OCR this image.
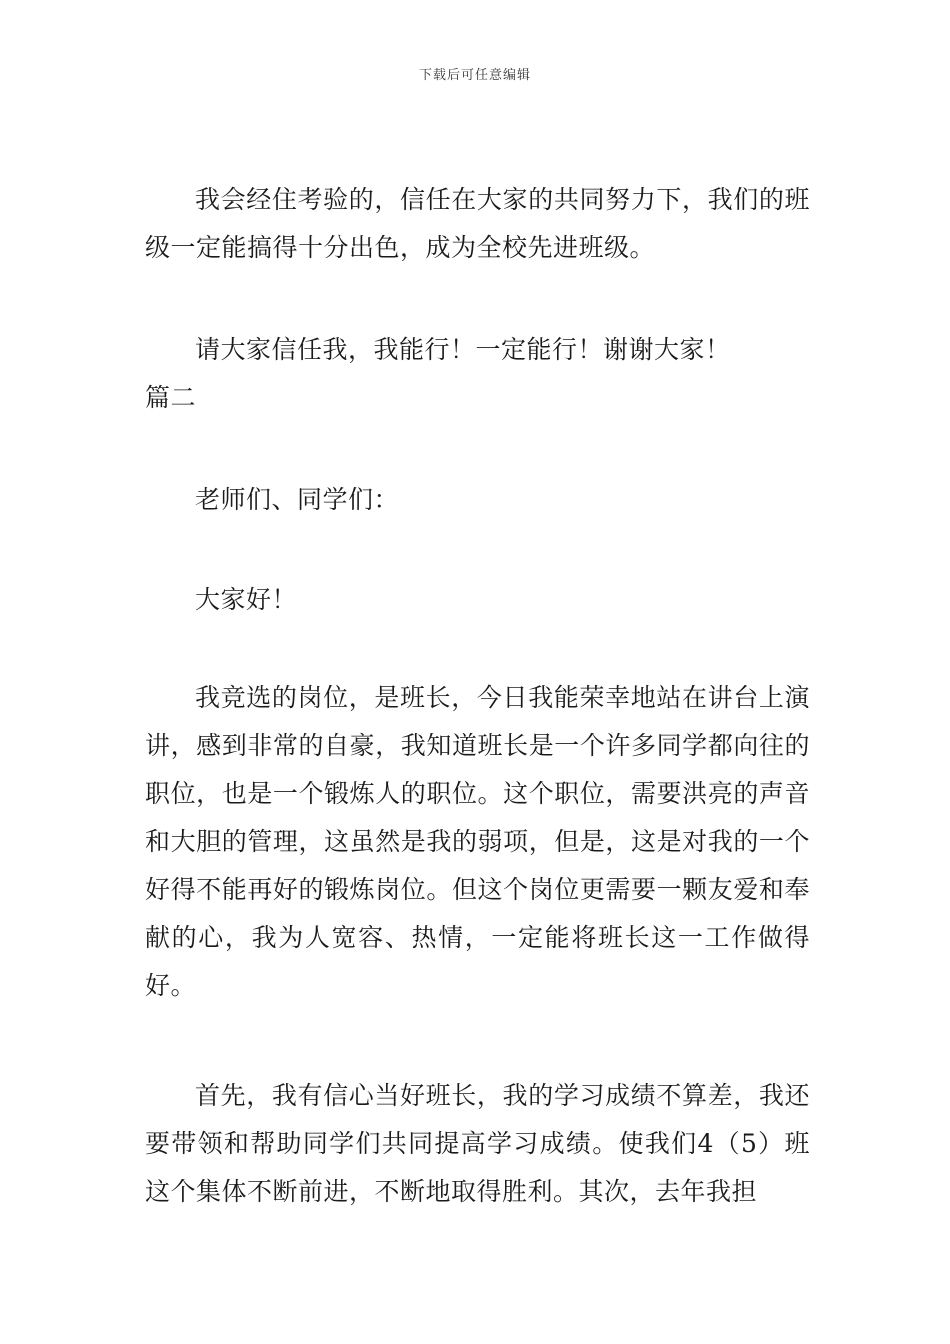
下载后可任意编辑

我会经住考验的，信任在大家的共同努力下，我们的班级一定能搞得十分出色，成为全校先进班级。

请大家信任我，我能行！一定能行！谢谢大家！

篇二

老师们、同学们：

大家好！

我竞选的岗位，是班长，今日我能荣幸地站在讲台上演讲，感到非常的自豪，我知道班长是一个许多同学都向往的职位，也是一个锻炼人的职位。这个职位，需要洪亮的声音和大胆的管理，这虽然是我的弱项，但是，这是对我的一个好得不能再好的锻炼岗位。但这个岗位更需要一颗友爱和奉献的心，我为人宽容、热情，一定能将班长这一工作做得好。

首先，我有信心当好班长，我的学习成绩不算差，我还要带领和帮助同学们共同提高学习成绩。使我们4（5）班这个集体不断前进，不断地取得胜利。其次，去年我担
